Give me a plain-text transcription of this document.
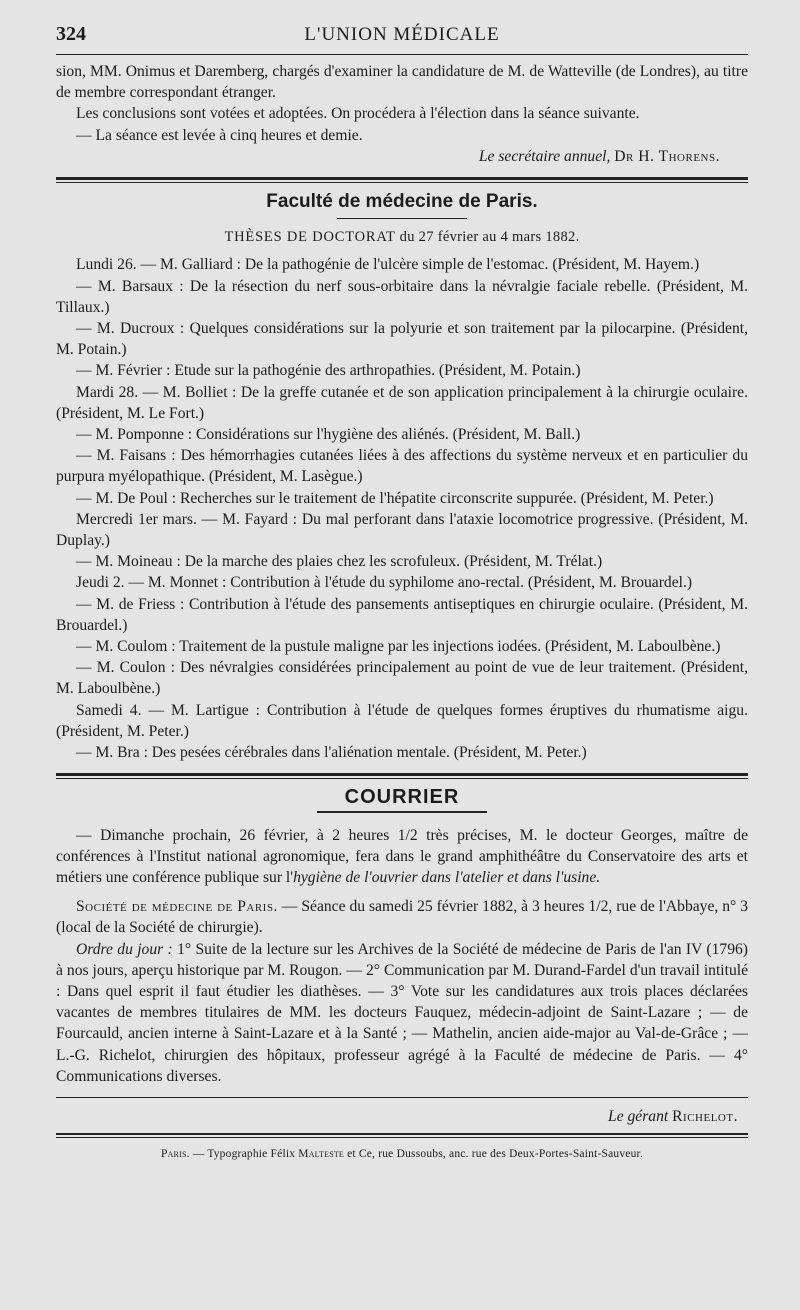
324	L'UNION MÉDICALE

sion, MM. Onimus et Daremberg, chargés d'examiner la candidature de M. de Watteville (de Londres), au titre de membre correspondant étranger.

Les conclusions sont votées et adoptées. On procédera à l'élection dans la séance suivante.

— La séance est levée à cinq heures et demie.

Le secrétaire annuel, Dr H. Thorens.

Faculté de médecine de Paris.
THÈSES DE DOCTORAT du 27 février au 4 mars 1882.

Lundi 26. — M. Galliard : De la pathogénie de l'ulcère simple de l'estomac. (Président, M. Hayem.)

— M. Barsaux : De la résection du nerf sous-orbitaire dans la névralgie faciale rebelle. (Président, M. Tillaux.)

— M. Ducroux : Quelques considérations sur la polyurie et son traitement par la pilocarpine. (Président, M. Potain.)

— M. Février : Etude sur la pathogénie des arthropathies. (Président, M. Potain.)

Mardi 28. — M. Bolliet : De la greffe cutanée et de son application principalement à la chirurgie oculaire. (Président, M. Le Fort.)

— M. Pomponne : Considérations sur l'hygiène des aliénés. (Président, M. Ball.)

— M. Faisans : Des hémorrhagies cutanées liées à des affections du système nerveux et en particulier du purpura myélopathique. (Président, M. Lasègue.)

— M. De Poul : Recherches sur le traitement de l'hépatite circonscrite suppurée. (Président, M. Peter.)

Mercredi 1er mars. — M. Fayard : Du mal perforant dans l'ataxie locomotrice progressive. (Président, M. Duplay.)

— M. Moineau : De la marche des plaies chez les scrofuleux. (Président, M. Trélat.)

Jeudi 2. — M. Monnet : Contribution à l'étude du syphilome ano-rectal. (Président, M. Brouardel.)

— M. de Friess : Contribution à l'étude des pansements antiseptiques en chirurgie oculaire. (Président, M. Brouardel.)

— M. Coulom : Traitement de la pustule maligne par les injections iodées. (Président, M. Laboulbène.)

— M. Coulon : Des névralgies considérées principalement au point de vue de leur traitement. (Président, M. Laboulbène.)

Samedi 4. — M. Lartigue : Contribution à l'étude de quelques formes éruptives du rhumatisme aigu. (Président, M. Peter.)

— M. Bra : Des pesées cérébrales dans l'aliénation mentale. (Président, M. Peter.)

COURRIER

— Dimanche prochain, 26 février, à 2 heures 1/2 très précises, M. le docteur Georges, maître de conférences à l'Institut national agronomique, fera dans le grand amphithéâtre du Conservatoire des arts et métiers une conférence publique sur l'hygiène de l'ouvrier dans l'atelier et dans l'usine.

Société de médecine de Paris. — Séance du samedi 25 février 1882, à 3 heures 1/2, rue de l'Abbaye, n° 3 (local de la Société de chirurgie).

Ordre du jour : 1° Suite de la lecture sur les Archives de la Société de médecine de Paris de l'an IV (1796) à nos jours, aperçu historique par M. Rougon. — 2° Communication par M. Durand-Fardel d'un travail intitulé : Dans quel esprit il faut étudier les diathèses. — 3° Vote sur les candidatures aux trois places déclarées vacantes de membres titulaires de MM. les docteurs Fauquez, médecin-adjoint de Saint-Lazare ; — de Fourcauld, ancien interne à Saint-Lazare et à la Santé ; — Mathelin, ancien aide-major au Val-de-Grâce ; — L.-G. Richelot, chirurgien des hôpitaux, professeur agrégé à la Faculté de médecine de Paris. — 4° Communications diverses.

Le gérant Richelot.

Paris. — Typographie Félix Malteste et Ce, rue Dussoubs, anc. rue des Deux-Portes-Saint-Sauveur.
